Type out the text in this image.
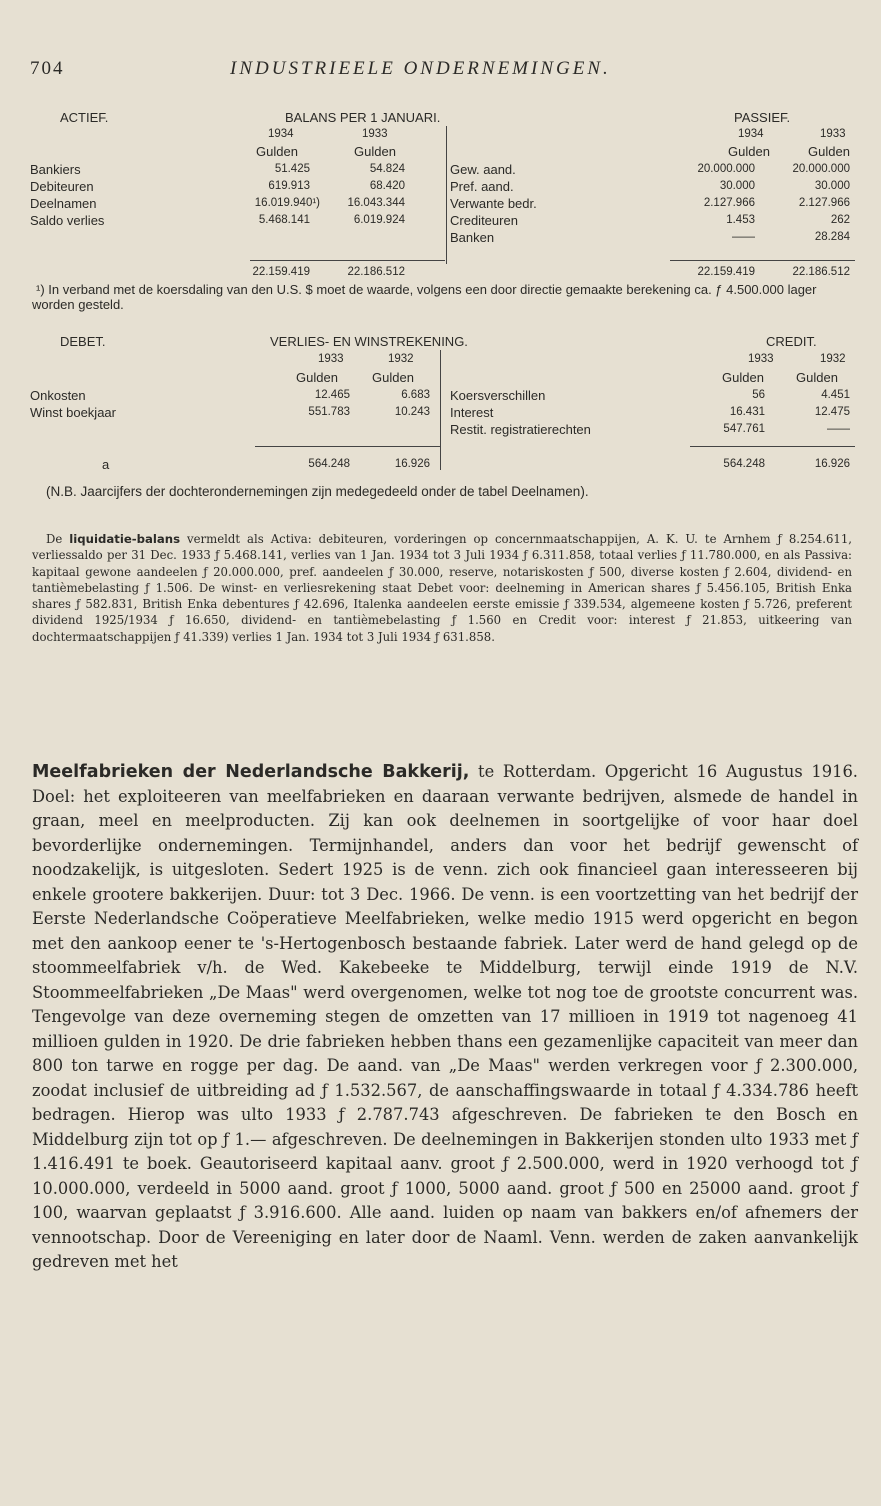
704	INDUSTRIEELE ONDERNEMINGEN.
ACTIEF.	BALANS PER 1 JANUARI.	PASSIEF.
1934	1933
Gulden	Gulden
1934	1933
Gulden	Gulden
Bankiers	51.425	54.824
Debiteuren	619.913	68.420
Deelnamen	16.019.940¹)	16.043.344
Saldo verlies	5.468.141	6.019.924
Gew. aand.	20.000.000	20.000.000
Pref. aand.	30.000	30.000
Verwante bedr.	2.127.966	2.127.966
Crediteuren	1.453	262
Banken	——	28.284
22.159.419	22.186.512	22.159.419	22.186.512
¹) In verband met de koersdaling van den U.S. $ moet de waarde, volgens een door directie gemaakte berekening ca. ƒ 4.500.000 lager worden gesteld.
DEBET.	VERLIES- EN WINSTREKENING.	CREDIT.
1933	1932
Gulden	Gulden
1933	1932
Gulden Gulden
Onkosten	12.465	6.683
Winst boekjaar	551.783	10.243
Koersverschillen	56	4.451
Interest	16.431	12.475
Restit. registratierechten	547.761	——
a	564.248	16.926	564.248	16.926
(N.B. Jaarcijfers der dochterondernemingen zijn medegedeeld onder de tabel Deelnamen).
De liquidatie-balans vermeldt als Activa: debiteuren, vorderingen op concernmaatschappijen, A. K. U. te Arnhem ƒ 8.254.611, verliessaldo per 31 Dec. 1933 ƒ 5.468.141, verlies van 1 Jan. 1934 tot 3 Juli 1934 ƒ 6.311.858, totaal verlies ƒ 11.780.000, en als Passiva: kapitaal gewone aandeelen ƒ 20.000.000, pref. aandeelen ƒ 30.000, reserve, notariskosten ƒ 500, diverse kosten ƒ 2.604, dividend- en tantièmebelasting ƒ 1.506. De winst- en verliesrekening staat Debet voor: deelneming in American shares ƒ 5.456.105, British Enka shares ƒ 582.831, British Enka debentures ƒ 42.696, Italenka aandeelen eerste emissie ƒ 339.534, algemeene kosten ƒ 5.726, preferent dividend 1925/1934 ƒ 16.650, dividend- en tantièmebelasting ƒ 1.560 en Credit voor: interest ƒ 21.853, uitkeering van dochtermaatschappijen ƒ 41.339) verlies 1 Jan. 1934 tot 3 Juli 1934 ƒ 631.858.
Meelfabrieken der Nederlandsche Bakkerij, te Rotterdam. Opgericht 16 Augustus 1916. Doel: het exploiteeren van meelfabrieken en daaraan verwante bedrijven, alsmede de handel in graan, meel en meelproducten. Zij kan ook deelnemen in soortgelijke of voor haar doel bevorderlijke ondernemingen. Termijnhandel, anders dan voor het bedrijf gewenscht of noodzakelijk, is uitgesloten. Sedert 1925 is de venn. zich ook financieel gaan interesseeren bij enkele grootere bakkerijen. Duur: tot 3 Dec. 1966. De venn. is een voortzetting van het bedrijf der Eerste Nederlandsche Coöperatieve Meelfabrieken, welke medio 1915 werd opgericht en begon met den aankoop eener te 's-Hertogenbosch bestaande fabriek. Later werd de hand gelegd op de stoommeelfabriek v/h. de Wed. Kakebeeke te Middelburg, terwijl einde 1919 de N.V. Stoommeelfabrieken „De Maas" werd overgenomen, welke tot nog toe de grootste concurrent was. Tengevolge van deze overneming stegen de omzetten van 17 millioen in 1919 tot nagenoeg 41 millioen gulden in 1920. De drie fabrieken hebben thans een gezamenlijke capaciteit van meer dan 800 ton tarwe en rogge per dag. De aand. van „De Maas" werden verkregen voor ƒ 2.300.000, zoodat inclusief de uitbreiding ad ƒ 1.532.567, de aanschaffingswaarde in totaal ƒ 4.334.786 heeft bedragen. Hierop was ulto 1933 ƒ 2.787.743 afgeschreven. De fabrieken te den Bosch en Middelburg zijn tot op ƒ 1.— afgeschreven. De deelnemingen in Bakkerijen stonden ulto 1933 met ƒ 1.416.491 te boek. Geautoriseerd kapitaal aanv. groot ƒ 2.500.000, werd in 1920 verhoogd tot ƒ 10.000.000, verdeeld in 5000 aand. groot ƒ 1000, 5000 aand. groot ƒ 500 en 25000 aand. groot ƒ 100, waarvan geplaatst ƒ 3.916.600. Alle aand. luiden op naam van bakkers en/of afnemers der vennootschap. Door de Vereeniging en later door de Naaml. Venn. werden de zaken aanvankelijk gedreven met het
